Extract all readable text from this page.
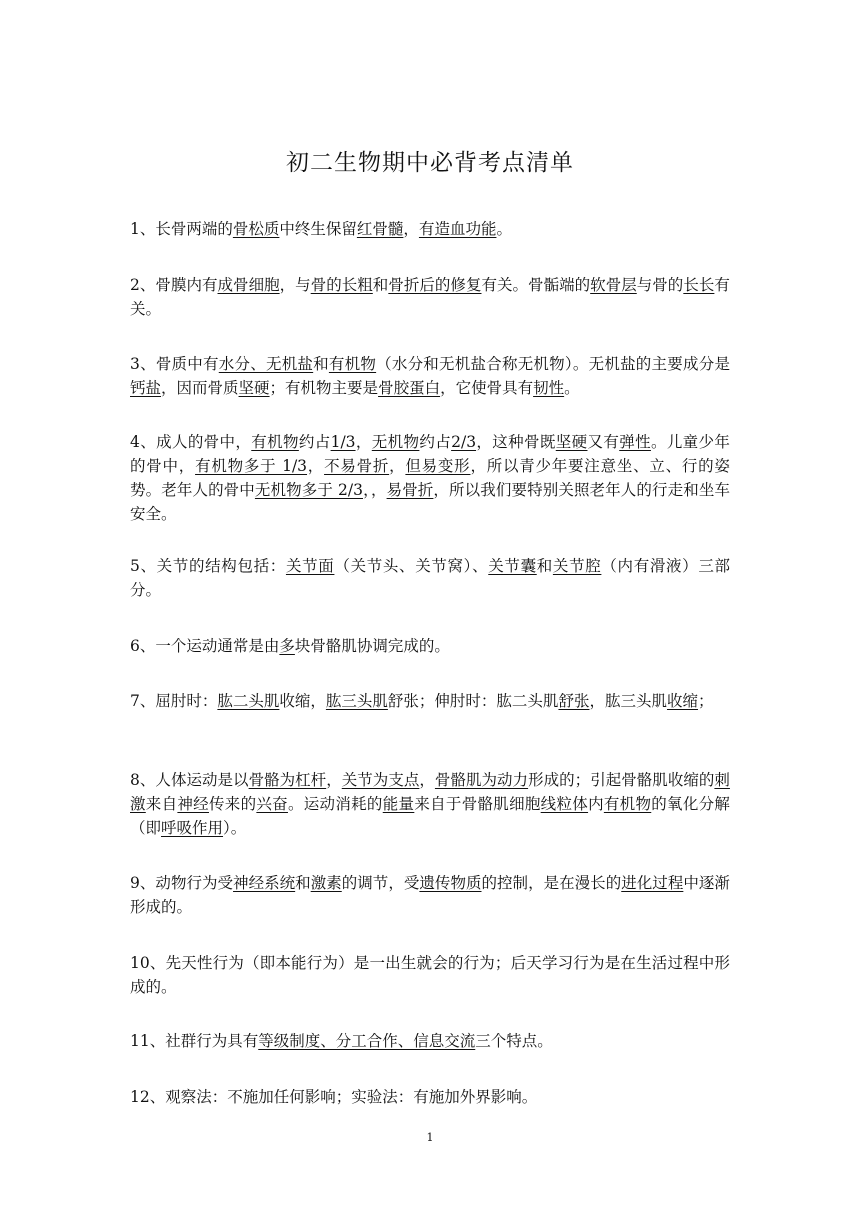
初二生物期中必背考点清单

1、长骨两端的骨松质中终生保留红骨髓，有造血功能。

2、骨膜内有成骨细胞，与骨的长粗和骨折后的修复有关。骨骺端的软骨层与骨的长长有关。

3、骨质中有水分、无机盐和有机物（水分和无机盐合称无机物）。无机盐的主要成分是钙盐，因而骨质坚硬；有机物主要是骨胶蛋白，它使骨具有韧性。

4、成人的骨中，有机物约占1/3，无机物约占2/3，这种骨既坚硬又有弹性。儿童少年的骨中，有机物多于 1/3，不易骨折，但易变形，所以青少年要注意坐、立、行的姿势。老年人的骨中无机物多于 2/3，，易骨折，所以我们要特别关照老年人的行走和坐车安全。

5、关节的结构包括：关节面（关节头、关节窝）、关节囊和关节腔（内有滑液）三部分。

6、一个运动通常是由多块骨骼肌协调完成的。

7、屈肘时：肱二头肌收缩，肱三头肌舒张；伸肘时：肱二头肌舒张，肱三头肌收缩；

8、人体运动是以骨骼为杠杆，关节为支点，骨骼肌为动力形成的；引起骨骼肌收缩的刺激来自神经传来的兴奋。运动消耗的能量来自于骨骼肌细胞线粒体内有机物的氧化分解（即呼吸作用）。

9、动物行为受神经系统和激素的调节，受遗传物质的控制，是在漫长的进化过程中逐渐形成的。

10、先天性行为（即本能行为）是一出生就会的行为；后天学习行为是在生活过程中形成的。

11、社群行为具有等级制度、分工合作、信息交流三个特点。

12、观察法：不施加任何影响；实验法：有施加外界影响。

1
